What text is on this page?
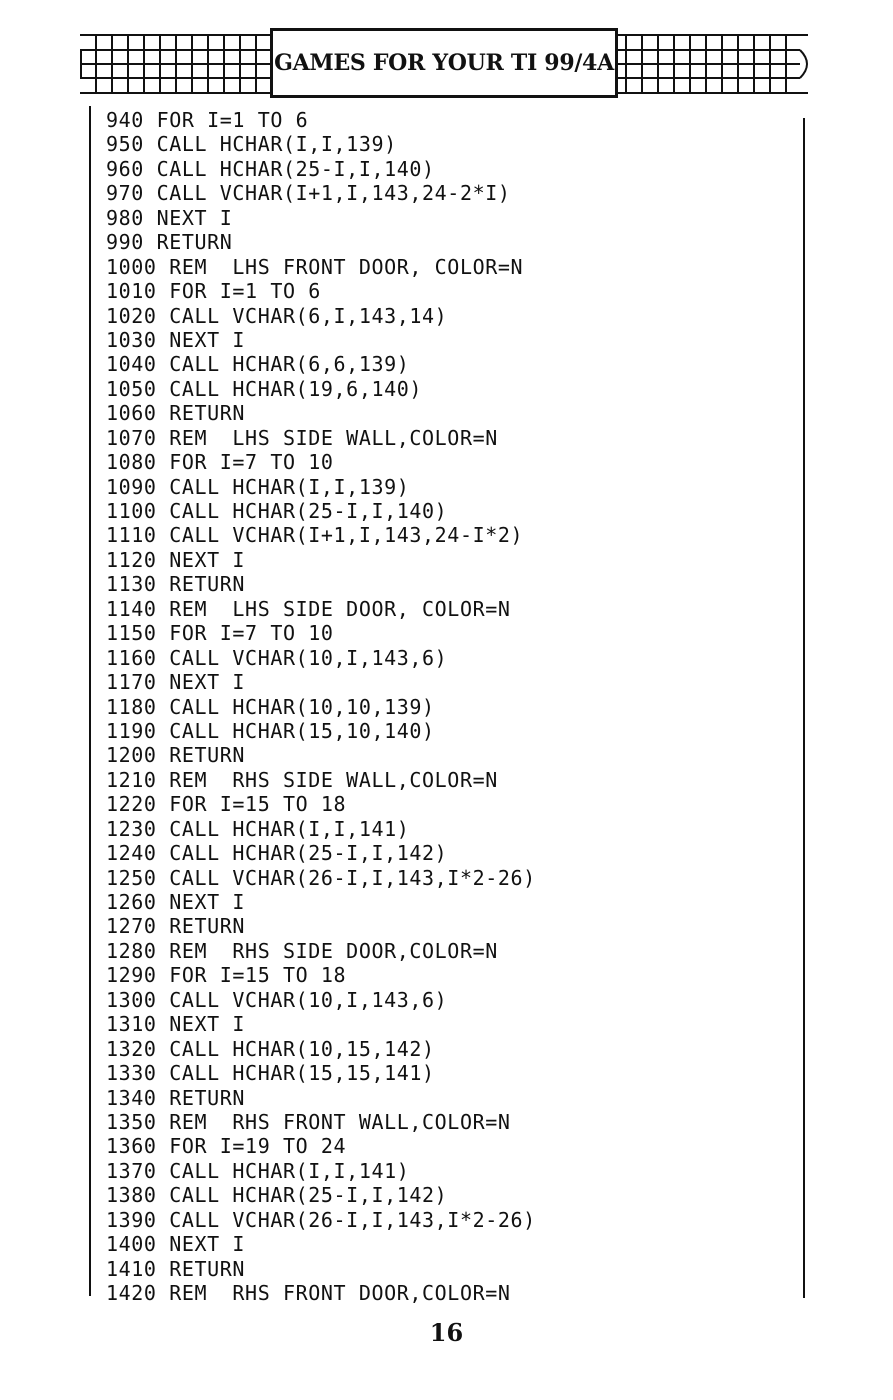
GAMES FOR YOUR TI 99/4A
940 FOR I=1 TO 6
950 CALL HCHAR(I,I,139)
960 CALL HCHAR(25-I,I,140)
970 CALL VCHAR(I+1,I,143,24-2*I)
980 NEXT I
990 RETURN
1000 REM  LHS FRONT DOOR, COLOR=N
1010 FOR I=1 TO 6
1020 CALL VCHAR(6,I,143,14)
1030 NEXT I
1040 CALL HCHAR(6,6,139)
1050 CALL HCHAR(19,6,140)
1060 RETURN
1070 REM  LHS SIDE WALL,COLOR=N
1080 FOR I=7 TO 10
1090 CALL HCHAR(I,I,139)
1100 CALL HCHAR(25-I,I,140)
1110 CALL VCHAR(I+1,I,143,24-I*2)
1120 NEXT I
1130 RETURN
1140 REM  LHS SIDE DOOR, COLOR=N
1150 FOR I=7 TO 10
1160 CALL VCHAR(10,I,143,6)
1170 NEXT I
1180 CALL HCHAR(10,10,139)
1190 CALL HCHAR(15,10,140)
1200 RETURN
1210 REM  RHS SIDE WALL,COLOR=N
1220 FOR I=15 TO 18
1230 CALL HCHAR(I,I,141)
1240 CALL HCHAR(25-I,I,142)
1250 CALL VCHAR(26-I,I,143,I*2-26)
1260 NEXT I
1270 RETURN
1280 REM  RHS SIDE DOOR,COLOR=N
1290 FOR I=15 TO 18
1300 CALL VCHAR(10,I,143,6)
1310 NEXT I
1320 CALL HCHAR(10,15,142)
1330 CALL HCHAR(15,15,141)
1340 RETURN
1350 REM  RHS FRONT WALL,COLOR=N
1360 FOR I=19 TO 24
1370 CALL HCHAR(I,I,141)
1380 CALL HCHAR(25-I,I,142)
1390 CALL VCHAR(26-I,I,143,I*2-26)
1400 NEXT I
1410 RETURN
1420 REM  RHS FRONT DOOR,COLOR=N
16
